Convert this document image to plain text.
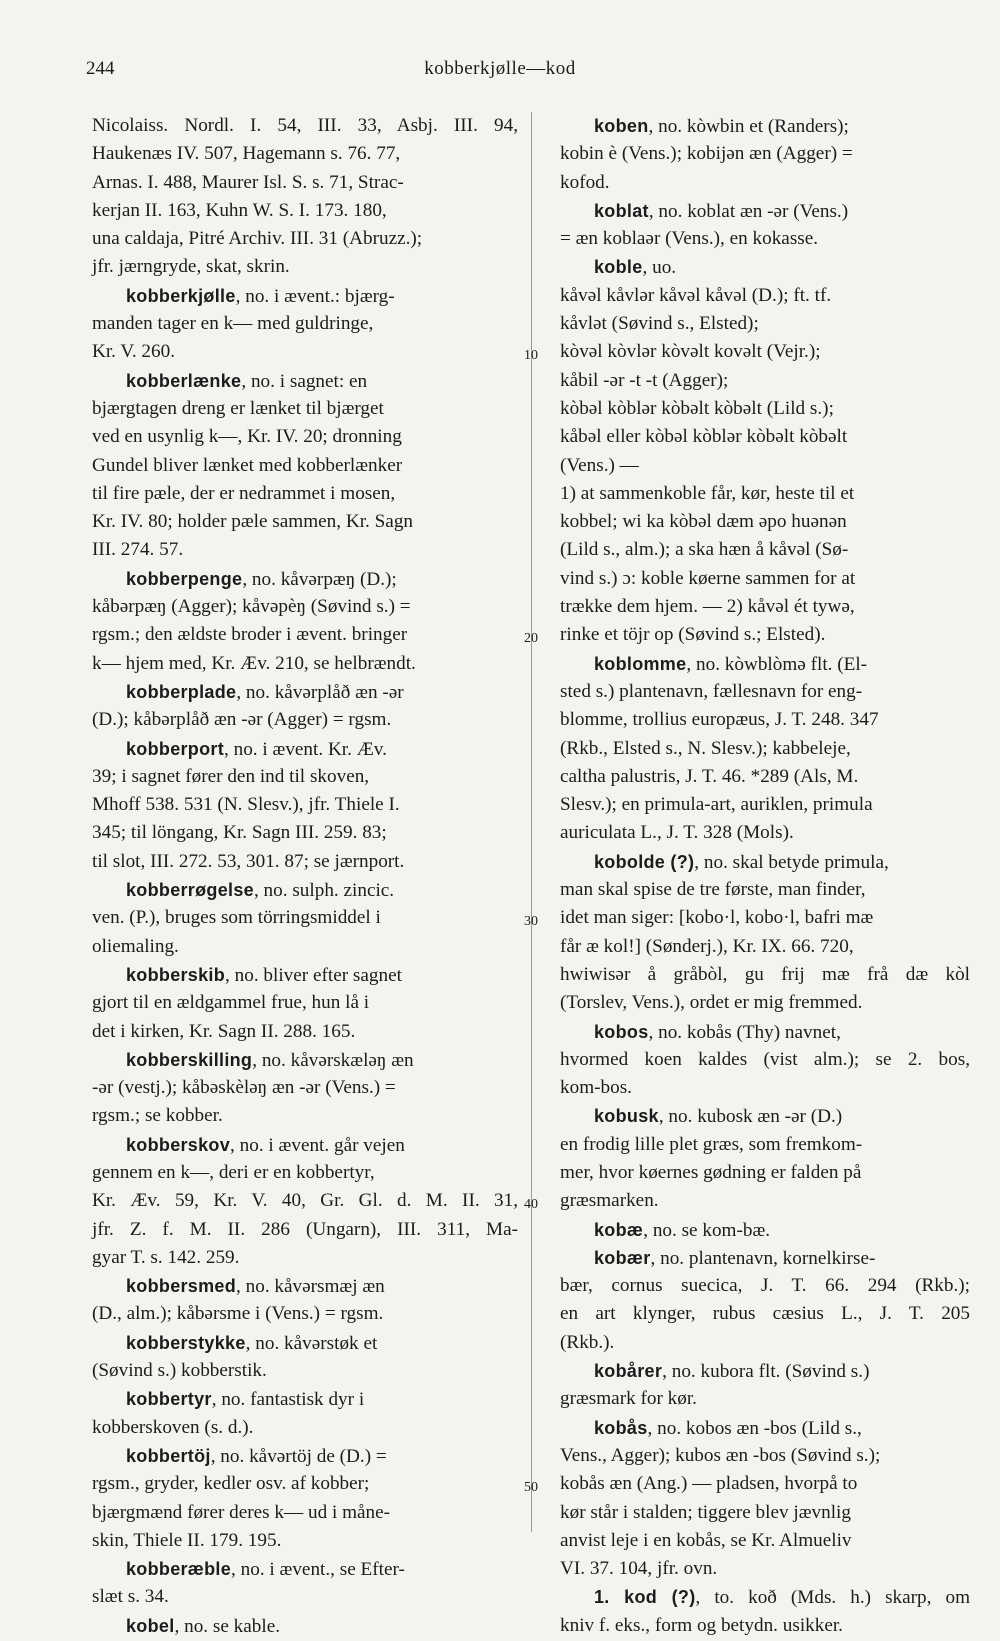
244	kobberkjølle—kod
Nicolaiss. Nordl. I. 54, III. 33, Asbj. III. 94,
Haukenæs IV. 507, Hagemann s. 76. 77,
Arnas. I. 488, Maurer Isl. S. s. 71, Strac-
kerjan II. 163, Kuhn W. S. I. 173. 180,
una caldaja, Pitré Archiv. III. 31 (Abruzz.);
jfr. jærngryde, skat, skrin.
kobberkjølle, no. i ævent.: bjærg-
manden tager en k— med guldringe,
Kr. V. 260.
kobberlænke, no. i sagnet: en
bjærgtagen dreng er lænket til bjærget
ved en usynlig k—, Kr. IV. 20; dronning
Gundel bliver lænket med kobberlænker
til fire pæle, der er nedrammet i mosen,
Kr. IV. 80; holder pæle sammen, Kr. Sagn
III. 274. 57.
kobberpenge, no. kåvərpæŋ (D.);
kåbərpæŋ (Agger); kåvəpèŋ (Søvind s.) =
rgsm.; den ældste broder i ævent. bringer
k— hjem med, Kr. Æv. 210, se helbrændt.
kobberplade, no. kåvərplåð æn -ər
(D.); kåbərplåð æn -ər (Agger) = rgsm.
kobberport, no. i ævent. Kr. Æv.
39; i sagnet fører den ind til skoven,
Mhoff 538. 531 (N. Slesv.), jfr. Thiele I.
345; til löngang, Kr. Sagn III. 259. 83;
til slot, III. 272. 53, 301. 87; se jærnport.
kobberrøgelse, no. sulph. zincic.
ven. (P.), bruges som törringsmiddel i
oliemaling.
kobberskib, no. bliver efter sagnet
gjort til en ældgammel frue, hun lå i
det i kirken, Kr. Sagn II. 288. 165.
kobberskilling, no. kåvərskæləŋ æn
-ər (vestj.); kåbəskèləŋ æn -ər (Vens.) =
rgsm.; se kobber.
kobberskov, no. i ævent. går vejen
gennem en k—, deri er en kobbertyr,
Kr. Æv. 59, Kr. V. 40, Gr. Gl. d. M. II. 31,
jfr. Z. f. M. II. 286 (Ungarn), III. 311, Ma-
gyar T. s. 142. 259.
kobbersmed, no. kåvərsmæj æn
(D., alm.); kåbərsme i (Vens.) = rgsm.
kobberstykke, no. kåvərstøk et
(Søvind s.) kobberstik.
kobbertyr, no. fantastisk dyr i
kobberskoven (s. d.).
kobbertöj, no. kåvərtöj de (D.) =
rgsm., gryder, kedler osv. af kobber;
bjærgmænd fører deres k— ud i måne-
skin, Thiele II. 179. 195.
kobberæble, no. i ævent., se Efter-
slæt s. 34.
kobel, no. se kable.
koben, no. kòwbin et (Randers);
kobin è (Vens.); kobijən æn (Agger) =
kofod.
koblat, no. koblat æn -ər (Vens.)
= æn koblaər (Vens.), en kokasse.
koble, uo.
kåvəl kåvlər kåvəl kåvəl (D.); ft. tf.
kåvlət (Søvind s., Elsted);
kòvəl kòvlər kòvəlt kovəlt (Vejr.);
kåbil -ər -t -t (Agger);
kòbəl kòblər kòbəlt kòbəlt (Lild s.);
kåbəl eller kòbəl kòblər kòbəlt kòbəlt
(Vens.) —
1) at sammenkoble får, kør, heste til et
kobbel; wi ka kòbəl dæm əpo huənən
(Lild s., alm.); a ska hæn å kåvəl (Sø-
vind s.) ɔ: koble køerne sammen for at
trække dem hjem. — 2) kåvəl ét tywə,
rinke et töjr op (Søvind s.; Elsted).
koblomme, no. kòwblòmə flt. (El-
sted s.) plantenavn, fællesnavn for eng-
blomme, trollius europæus, J. T. 248. 347
(Rkb., Elsted s., N. Slesv.); kabbeleje,
caltha palustris, J. T. 46. *289 (Als, M.
Slesv.); en primula-art, auriklen, primula
auriculata L., J. T. 328 (Mols).
kobolde (?), no. skal betyde primula,
man skal spise de tre første, man finder,
idet man siger: [kobo·l, kobo·l, bafri mæ
får æ kol!] (Sønderj.), Kr. IX. 66. 720,
hwiwisər å gråbòl, gu frij mæ frå dæ kòl
(Torslev, Vens.), ordet er mig fremmed.
kobos, no. kobås (Thy) navnet,
hvormed koen kaldes (vist alm.); se 2. bos,
kom-bos.
kobusk, no. kubosk æn -ər (D.)
en frodig lille plet græs, som fremkom-
mer, hvor køernes gødning er falden på
græsmarken.
kobæ, no. se kom-bæ.
kobær, no. plantenavn, kornelkirse-
bær, cornus suecica, J. T. 66. 294 (Rkb.);
en art klynger, rubus cæsius L., J. T. 205
(Rkb.).
kobårer, no. kubora flt. (Søvind s.)
græsmark for kør.
kobås, no. kobos æn -bos (Lild s.,
Vens., Agger); kubos æn -bos (Søvind s.);
kobås æn (Ang.) — pladsen, hvorpå to
kør står i stalden; tiggere blev jævnlig
anvist leje i en kobås, se Kr. Almueliv
VI. 37. 104, jfr. ovn.
1. kod (?), to. koð (Mds. h.) skarp, om
kniv f. eks., form og betydn. usikker.
10
20
30
40
50
